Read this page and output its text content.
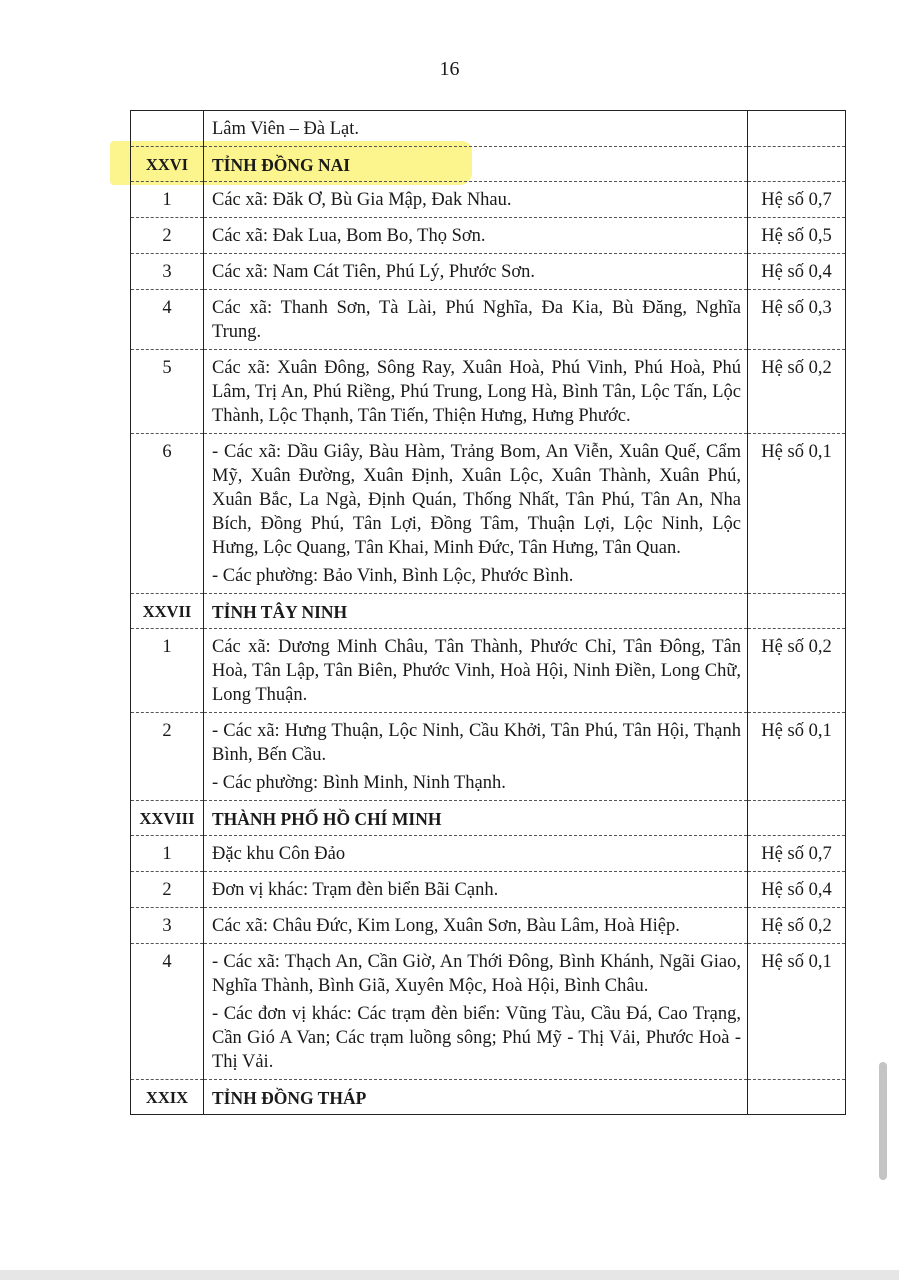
16

	Lâm Viên – Đà Lạt.	

XXVI	TỈNH ĐỒNG NAI	

1	Các xã: Đăk Ơ, Bù Gia Mập, Đak Nhau.	Hệ số 0,7
2	Các xã: Đak Lua, Bom Bo, Thọ Sơn.	Hệ số 0,5
3	Các xã: Nam Cát Tiên, Phú Lý, Phước Sơn.	Hệ số 0,4
4	Các xã: Thanh Sơn, Tà Lài, Phú Nghĩa, Đa Kia, Bù Đăng, Nghĩa Trung.	Hệ số 0,3
5	Các xã: Xuân Đông, Sông Ray, Xuân Hoà, Phú Vinh, Phú Hoà, Phú Lâm, Trị An, Phú Riềng, Phú Trung, Long Hà, Bình Tân, Lộc Tấn, Lộc Thành, Lộc Thạnh, Tân Tiến, Thiện Hưng, Hưng Phước.	Hệ số 0,2
6	- Các xã: Dầu Giây, Bàu Hàm, Trảng Bom, An Viễn, Xuân Quế, Cẩm Mỹ, Xuân Đường, Xuân Định, Xuân Lộc, Xuân Thành, Xuân Phú, Xuân Bắc, La Ngà, Định Quán, Thống Nhất, Tân Phú, Tân An, Nha Bích, Đồng Phú, Tân Lợi, Đồng Tâm, Thuận Lợi, Lộc Ninh, Lộc Hưng, Lộc Quang, Tân Khai, Minh Đức, Tân Hưng, Tân Quan.
- Các phường: Bảo Vinh, Bình Lộc, Phước Bình.	Hệ số 0,1
XXVII	TỈNH TÂY NINH	

1	Các xã: Dương Minh Châu, Tân Thành, Phước Chỉ, Tân Đông, Tân Hoà, Tân Lập, Tân Biên, Phước Vinh, Hoà Hội, Ninh Điền, Long Chữ, Long Thuận.	Hệ số 0,2
2	- Các xã: Hưng Thuận, Lộc Ninh, Cầu Khởi, Tân Phú, Tân Hội, Thạnh Bình, Bến Cầu.
- Các phường: Bình Minh, Ninh Thạnh.	Hệ số 0,1
XXVIII	THÀNH PHỐ HỒ CHÍ MINH	

1	Đặc khu Côn Đảo	Hệ số 0,7
2	Đơn vị khác: Trạm đèn biển Bãi Cạnh.	Hệ số 0,4
3	Các xã: Châu Đức, Kim Long, Xuân Sơn, Bàu Lâm, Hoà Hiệp.	Hệ số 0,2
4	- Các xã: Thạch An, Cần Giờ, An Thới Đông, Bình Khánh, Ngãi Giao, Nghĩa Thành, Bình Giã, Xuyên Mộc, Hoà Hội, Bình Châu.
- Các đơn vị khác: Các trạm đèn biển: Vũng Tàu, Cầu Đá, Cao Trạng, Cần Gió A Van; Các trạm luồng sông; Phú Mỹ - Thị Vải, Phước Hoà - Thị Vải.	Hệ số 0,1
XXIX	TỈNH ĐỒNG THÁP	
